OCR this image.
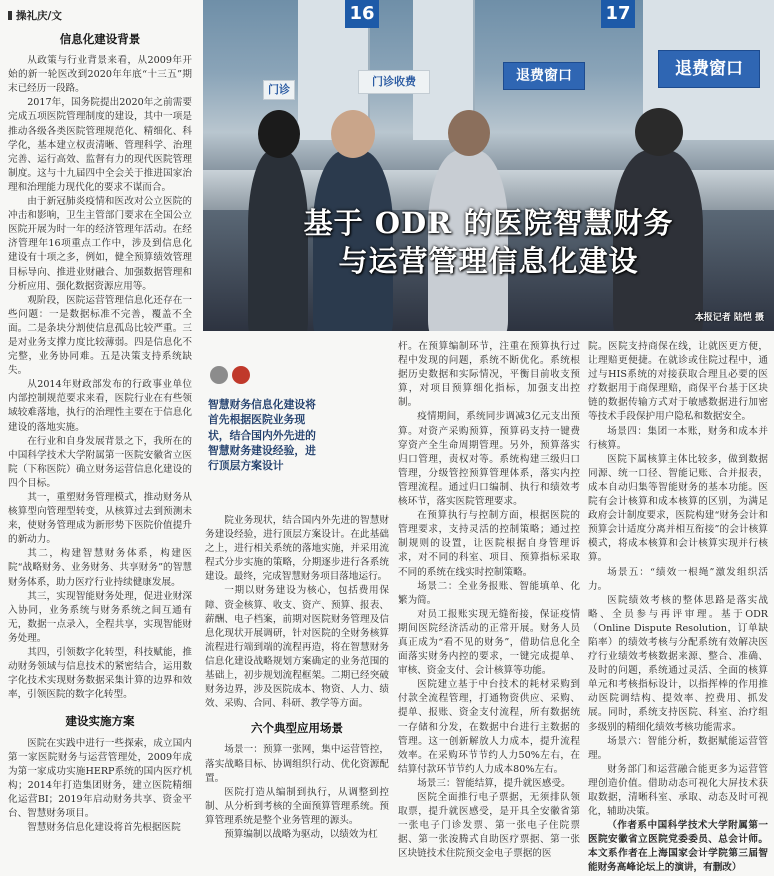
操礼庆/文	16	17
门诊
门诊收费	退费窗口	退费窗口
基于 ODR 的医院智慧财务
与运营管理信息化建设
本报记者 陆恺 摄

信息化建设背景

从政策与行业背景来看，从2009年开始的新一轮医改到2020年年底“十三五”期末已经历一段路。

2017年，国务院提出2020年之前需要完成五项医院管理制度的建设，其中一项是推动各级各类医院管理规范化、精细化、科学化，基本建立权责清晰、管理科学、治理完善、运行高效、监督有力的现代医院管理制度。这与十九届四中全会关于推进国家治理和治理能力现代化的要求不谋而合。

由于新冠肺炎疫情和医改对公立医院的冲击和影响，卫生主管部门要求在全国公立医院开展为时一年的经济管理年活动。在经济管理年16项重点工作中，涉及到信息化建设有十项之多，例如，健全预算绩效管理目标导向、推进业财融合、加强数据管理和分析应用、强化数据资源应用等。

观阶段，医院运营管理信息化还存在一些问题：一是数据标准不完善，覆盖不全面。二是条块分割使信息孤岛比较严重。三是对业务支撑力度比较薄弱。四是信息化不完整，业务协同难。五是决策支持系统缺失。

从2014年财政部发布的行政事业单位内部控制规范要求来看，医院行业在有些领域较难落地，执行的治理性主要在于信息化建设的落地实施。

在行业和自身发展背景之下，我所在的中国科学技术大学附属第一医院安徽省立医院（下称医院）确立财务运营信息化建设的四个目标。

其一，重塑财务管理模式，推动财务从核算型向管理型转变，从核算过去到预测未来，使财务管理成为新形势下医院价值提升的新动力。

其二，构建智慧财务体系，构建医院“战略财务、业务财务、共享财务”的智慧财务体系，助力医疗行业持续健康发展。

其三，实现智能财务处理，促进业财深入协同，业务系统与财务系统之间互通有无，数据一点录入，全程共享，实现智能财务处理。

其四，引领数字化转型，科技赋能，推动财务领域与信息技术的紧密结合，运用数字化技术实现财务数据采集计算的边界和效率，引领医院的数字化转型。

建设实施方案

医院在实践中进行一些探索，成立国内第一家医院财务与运营管理处，2009年成为第一家成功实施HERP系统的国内医疗机构；2014年打造集团财务，建立医院精细化运营BI；2019年启动财务共享、资金平台、智慧财务项目。

智慧财务信息化建设将首先根据医院

智慧财务信息化建设将首先根据医院业务现状，结合国内外先进的智慧财务建设经验，进行顶层方案设计

院业务现状，结合国内外先进的智慧财务建设经验，进行顶层方案设计。在此基础之上，进行相关系统的落地实施，并采用流程式分步实施的策略，分期逐步进行各系统建设。最终，完成智慧财务项目落地运行。

一期以财务建设为核心，包括费用保障、资金核算、收支、资产、预算、报表、薪酬、电子档案，前期对医院财务管理及信息化现状开展调研，针对医院的全财务核算流程进行端到端的流程再造，将在智慧财务信息化建设战略规划方案确定的业务范围的基础上，初步规划流程框架。二期已经突破财务边界，涉及医院成本、物资、人力、绩效、采购、合同、科研、教学等方面。

六个典型应用场景

场景一：预算一张网，集中运营管控，落实战略目标、协调组织行动、优化资源配置。

医院打造从编制到执行，从调整到控制、从分析到考核的全面预算管理系统。预算管理系统是整个业务管理的源头。

预算编制以战略为驱动，以绩效为杠

杆。在预算编制环节，注重在预算执行过程中发现的问题，系统不断优化。系统根据历史数据和实际情况，平衡目前收支预算，对项目预算细化指标，加强支出控制。

疫情期间，系统同步调减3亿元支出预算。对资产采购预算，预算码支持一键费穿资产全生命周期管理。另外，预算落实归口管理，责权对等。系统构建三级归口管理，分级管控预算管理体系，落实内控管理流程。通过归口编制、执行和绩效考核环节，落实医院管理要求。

在预算执行与控制方面，根据医院的管理要求，支持灵活的控制策略；通过控制规则的设置，让医院根据自身管理诉求，对不同的科室、项目、预算指标采取不同的系统在线实时控制策略。

场景二：全业务报账、智能填单、化繁为简。

对员工报账实现无缝衔接，保证疫情期间医院经济活动的正常开展。财务人员真正成为“看不见的财务”，借助信息化全面落实财务内控的要求，一键完成提单、审核、资金支付、会计核算等功能。

医院建立基于中台技术的耗材采购到付款全流程管理，打通物资供应、采购、提单、报账、资金支付流程，所有数据统一存储和分发，在数据中台进行主数据的管理。这一创新解放人力成本，提升流程效率。在采购环节节约人力50%左右，在结算付款环节节约人力成本80%左右。

场景三：智能结算，提升就医感受。

医院全面推行电子票据，无须排队领取票，提升就医感受，是开具全安徽省第一张电子门诊发票、第一张电子住院票据、第一张浚腾式自助医疗票据、第一张区块链技术住院预交金电子票据的医

院。医院支持商保在线，让就医更方便，让理赔更便捷。在就诊或住院过程中，通过与HIS系统的对接获取合理且必要的医疗数据用于商保理赔，商保平台基于区块链的数据传输方式对于敏感数据进行加密等技术手段保护用户隐私和数据安全。

场景四：集团一本账，财务和成本并行核算。

医院下属核算主体比较多，做到数据同源、统一口径、智能记账、合并报表，成本自动归集等智能财务的基本功能。医院有会计核算和成本核算的区别，为满足政府会计制度要求，医院构建“财务会计和预算会计适度分离并相互衔接”的会计核算模式，将成本核算和会计核算实现并行核算。

场景五：“绩效一根绳”激发组织活力。

医院绩效考核的整体思路是落实战略、全员参与再评审理。基于ODR（Online Dispute Resolution，订单缺陷率）的绩效考核与分配系统有效解决医疗行业绩效考核数据来源、整合、准确、及时的问题，系统通过灵活、全面的核算单元和考核指标设计，以指挥棒的作用推动医院调结构、提效率、控费用、抓发展。同时，系统支持医院、科室、治疗组多级别的精细化绩效考核功能需求。

场景六：智能分析，数据赋能运营管理。

财务部门和运营融合能更多为运营管理创造价值。借助动态可视化大屏技术获取数据，清晰科室、承取、动态及时可视化，辅助决策。

（作者系中国科学技术大学附属第一医院安徽省立医院党委委员、总会计师。本文系作者在上海国家会计学院第三届智能财务高峰论坛上的演讲，有删改）
